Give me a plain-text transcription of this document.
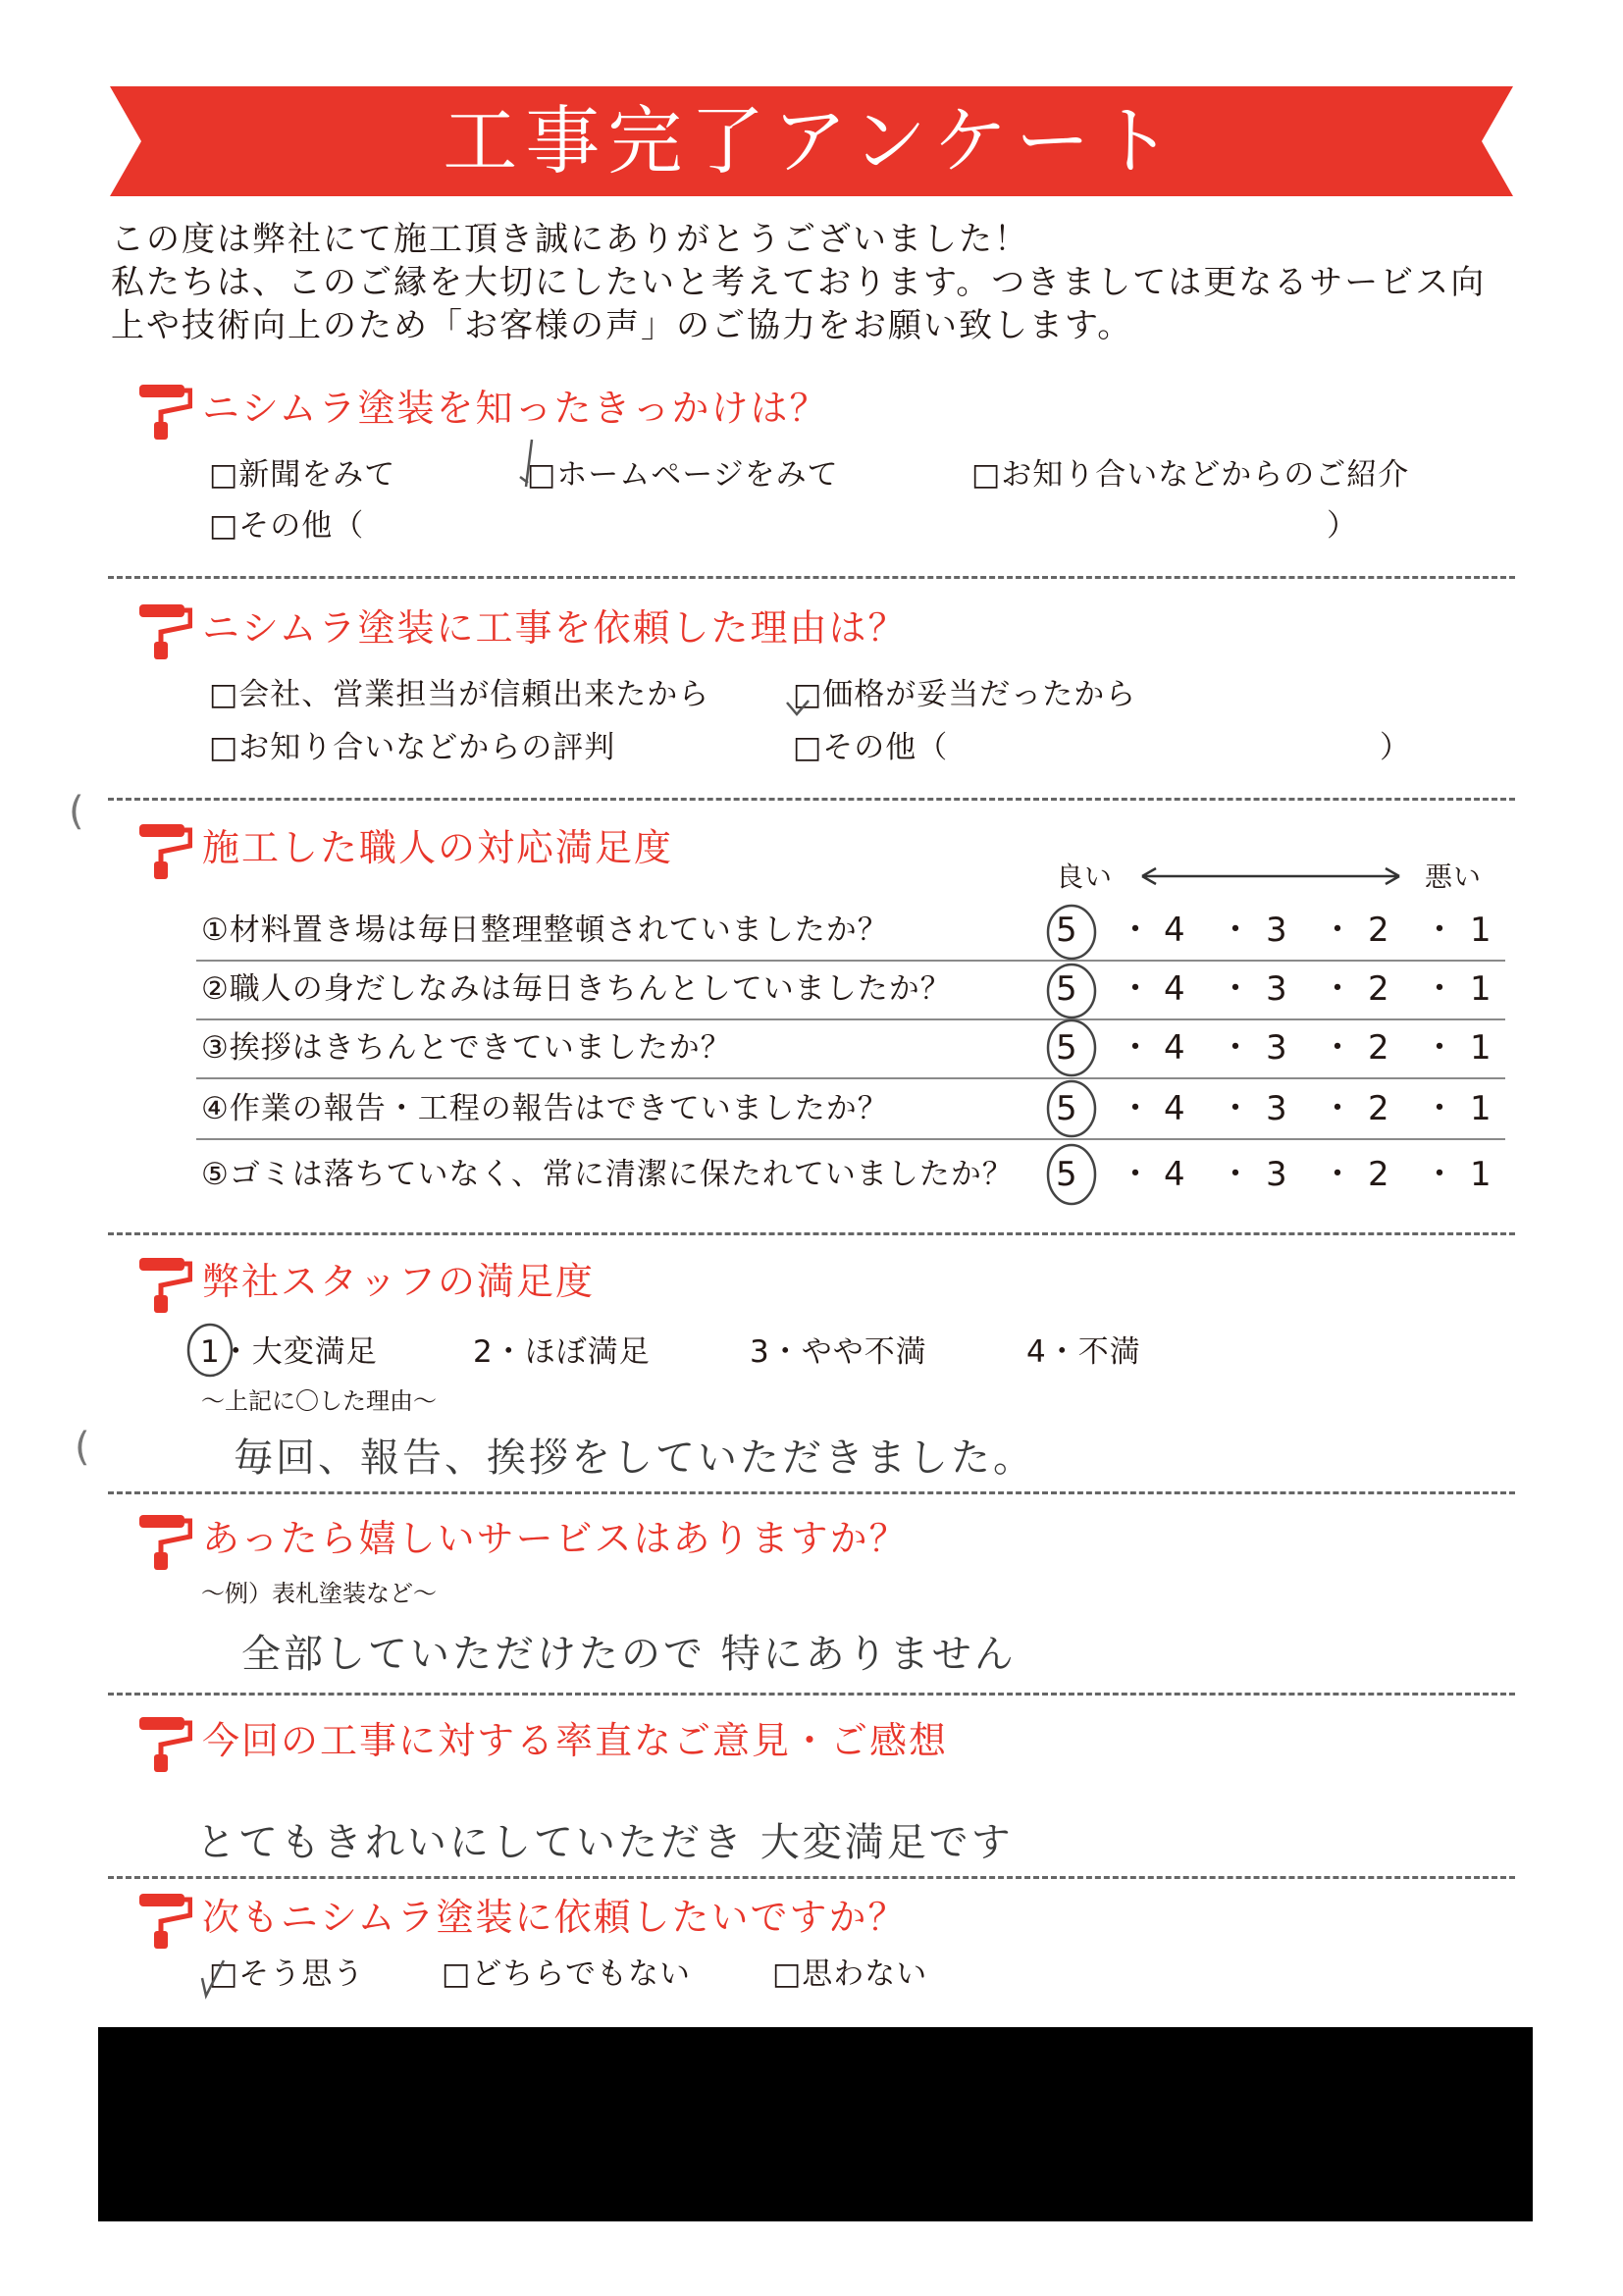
工事完了アンケート
この度は弊社にて施工頂き誠にありがとうございました！
私たちは、このご縁を大切にしたいと考えております。つきましては更なるサービス向
上や技術向上のため「お客様の声」のご協力をお願い致します。
ニシムラ塗装を知ったきっかけは？
□新聞をみて	□ホームページをみて	□お知り合いなどからのご紹介
□その他（	）
ニシムラ塗装に工事を依頼した理由は？
□会社、営業担当が信頼出来たから	□価格が妥当だったから
□お知り合いなどからの評判	□その他（	）
(
施工した職人の対応満足度
良い	悪い
①材料置き場は毎日整理整頓されていましたか？	5 ・ 4 ・ 3 ・ 2 ・ 1
②職人の身だしなみは毎日きちんとしていましたか？	5 ・ 4 ・ 3 ・ 2 ・ 1
③挨拶はきちんとできていましたか？	5 ・ 4 ・ 3 ・ 2 ・ 1
④作業の報告・工程の報告はできていましたか？	5 ・ 4 ・ 3 ・ 2 ・ 1
⑤ゴミは落ちていなく、常に清潔に保たれていましたか？ 5 ・ 4 ・ 3 ・ 2 ・ 1
弊社スタッフの満足度
1・大変満足	2・ほぼ満足	3・やや不満	4・不満
〜上記に〇した理由〜
毎回、報告、挨拶をしていただきました。
(
あったら嬉しいサービスはありますか？
〜例）表札塗装など〜
全部していただけたので 特にありません
今回の工事に対する率直なご意見・ご感想
とてもきれいにしていただき 大変満足です
次もニシムラ塗装に依頼したいですか？
□そう思う	□どちらでもない	□思わない
